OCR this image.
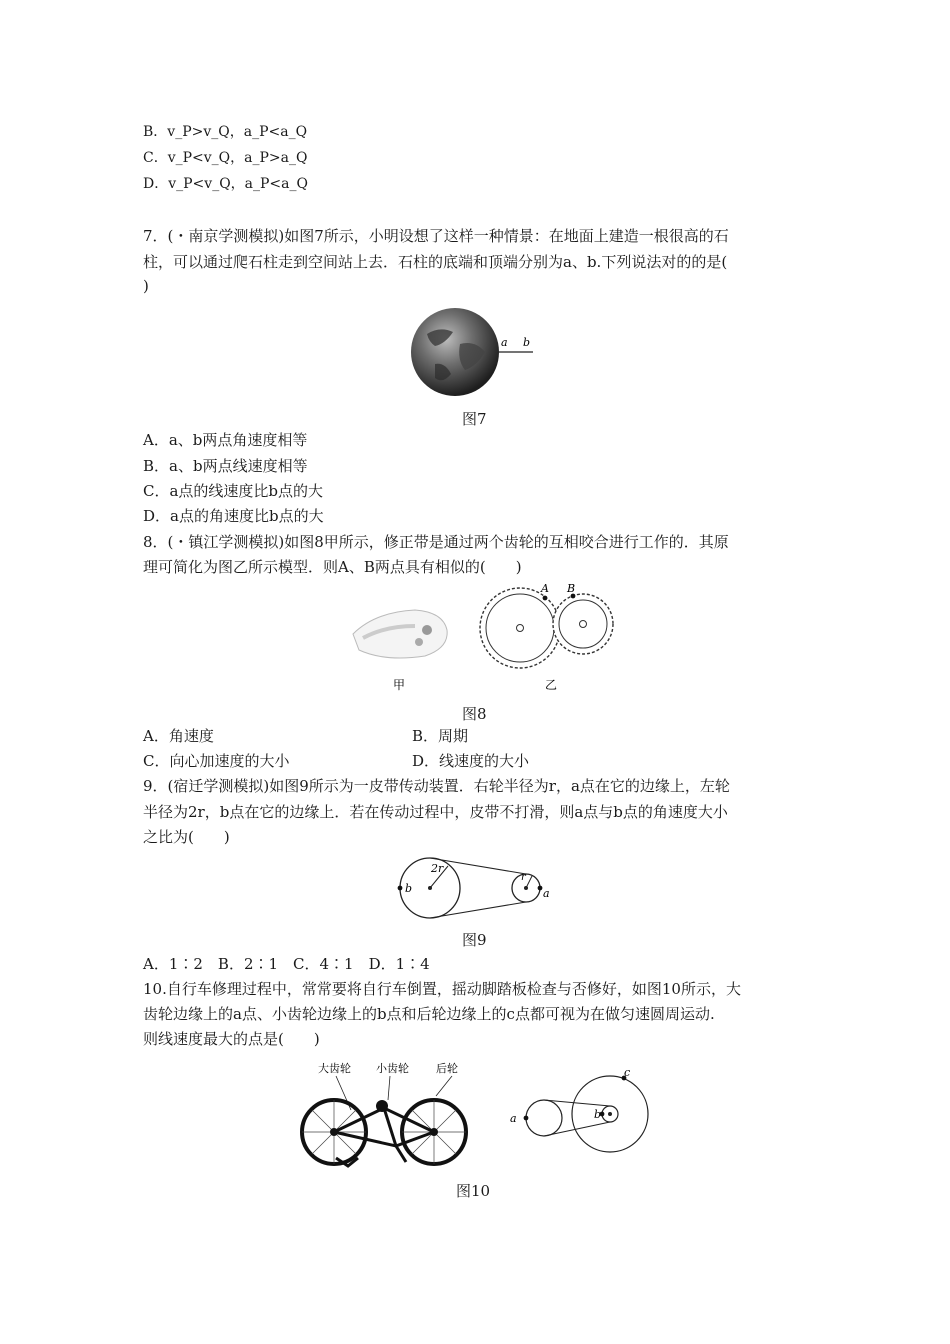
B．v_P>v_Q，a_P<a_Q
C．v_P<v_Q，a_P>a_Q
D．v_P<v_Q，a_P<a_Q
7．(・南京学测模拟)如图7所示，小明设想了这样一种情景：在地面上建造一根很高的石
柱，可以通过爬石柱走到空间站上去．石柱的底端和顶端分别为a、b.下列说法对的的是(
)
a b
图7
A．a、b两点角速度相等
B．a、b两点线速度相等
C．a点的线速度比b点的大
D．a点的角速度比b点的大
8．(・镇江学测模拟)如图8甲所示，修正带是通过两个齿轮的互相咬合进行工作的．其原
理可简化为图乙所示模型．则A、B两点具有相似的(　　)
A B
甲	乙
图8
A．角速度	B．周期
C．向心加速度的大小	D．线速度的大小
9．(宿迁学测模拟)如图9所示为一皮带传动装置．右轮半径为r，a点在它的边缘上，左轮
半径为2r，b点在它的边缘上．若在传动过程中，皮带不打滑，则a点与b点的角速度大小
之比为(　　)
2r
r
b	a
图9
A．1∶2　B．2∶1　C．4∶1　D．1∶4
10.自行车修理过程中，常常要将自行车倒置，摇动脚踏板检查与否修好，如图10所示，大
齿轮边缘上的a点、小齿轮边缘上的b点和后轮边缘上的c点都可视为在做匀速圆周运动.
则线速度最大的点是(　　)
大齿轮 小齿轮 后轮
a	b
c
图10
